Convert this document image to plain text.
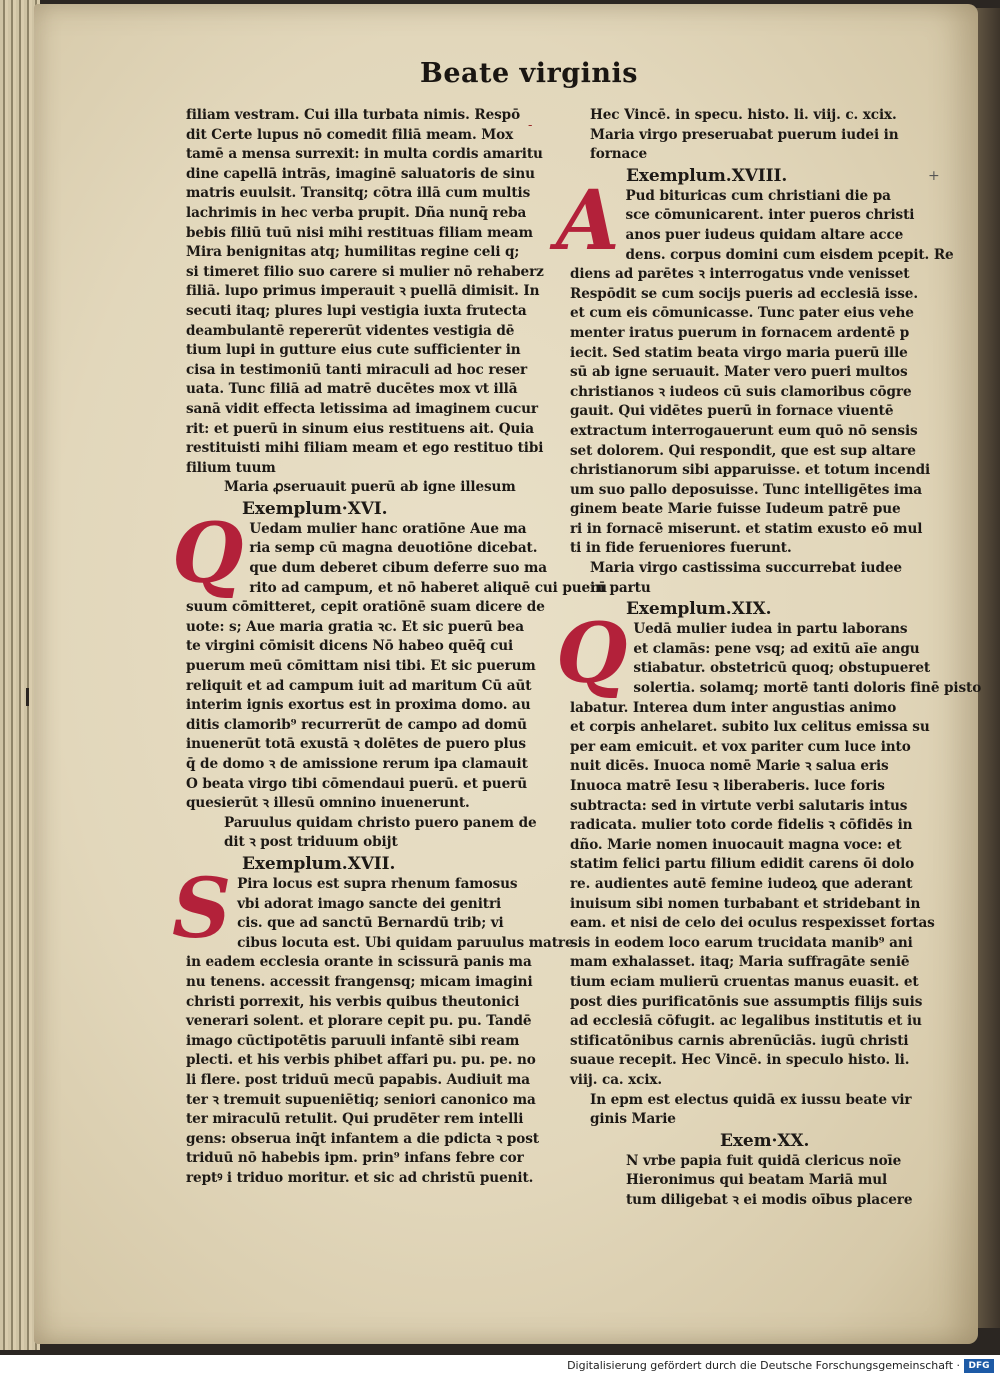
-
+
Beate virginis
filiam vestram. Cui illa turbata nimis. Respō
dit Certe lupus nō comedit filiā meam. Mox
tamē a mensa surrexit: in multa cordis amaritu
dine capellā intrās, imaginē saluatoris de sinu
matris euulsit. Transitq; cōtra illā cum multis
lachrimis in hec verba prupit. Dña nunq̄ reba
bebis filiū tuū nisi mihi restituas filiam meam
Mira benignitas atq; humilitas regine celi q;
si timeret filio suo carere si mulier nō rehaberz
filiā. lupo primus imperauit ꝛ puellā dimisit. In
secuti itaq; plures lupi vestigia iuxta frutecta
deambulantē repererūt videntes vestigia dē
tium lupi in gutture eius cute sufficienter in
cisa in testimoniū tanti miraculi ad hoc reser
uata. Tunc filiā ad matrē ducētes mox vt illā
sanā vidit effecta letissima ad imaginem cucur
rit: et puerū in sinum eius restituens ait. Quia
restituisti mihi filiam meam et ego restituo tibi
filium tuum
Maria ꝓseruauit puerū ab igne illesum
Exemplum·XVI.
Q Uedam mulier hanc oratiōne Aue ma
ria semp cū magna deuotiōne dicebat.
que dum deberet cibum deferre suo ma
rito ad campum, et nō haberet aliquē cui puerū
suum cōmitteret, cepit oratiōnē suam dicere de
uote: s; Aue maria gratia ꝛc. Et sic puerū bea
te virgini cōmisit dicens Nō habeo quēq̄ cui
puerum meū cōmittam nisi tibi. Et sic puerum
reliquit et ad campum iuit ad maritum Cū aūt
interim ignis exortus est in proxima domo. au
ditis clamorib⁹ recurrerūt de campo ad domū
inuenerūt totā exustā ꝛ dolētes de puero plus
q̄ de domo ꝛ de amissione rerum ipa clamauit
O beata virgo tibi cōmendaui puerū. et puerū
quesierūt ꝛ illesū omnino inuenerunt.
Paruulus quidam christo puero panem de
dit ꝛ post triduum obijt
Exemplum.XVII.
S Pira locus est supra rhenum famosus
vbi adorat imago sancte dei genitri
cis. que ad sanctū Bernardū trib; vi
cibus locuta est. Ubi quidam paruulus matre
in eadem ecclesia orante in scissurā panis ma
nu tenens. accessit frangensq; micam imagini
christi porrexit, his verbis quibus theutonici
venerari solent. et plorare cepit pu. pu. Tandē
imago cūctipotētis paruuli infantē sibi ream
plecti. et his verbis phibet affari pu. pu. pe. no
li flere. post triduū mecū papabis. Audiuit ma
ter ꝛ tremuit supueniētiq; seniori canonico ma
ter miraculū retulit. Qui prudēter rem intelli
gens: obserua inq̄t infantem a die pdicta ꝛ post
triduū nō habebis ipm. prin⁹ infans febre cor
reptꝰ i triduo moritur. et sic ad christū puenit.
Hec Vincē. in specu. histo. li. viij. c. xcix.
Maria virgo preseruabat puerum iudei in
fornace
Exemplum.XVIII.
A Pud bituricas cum christiani die pa
sce cōmunicarent. inter pueros christi
anos puer iudeus quidam altare acce
dens. corpus domini cum eisdem pcepit. Re
diens ad parētes ꝛ interrogatus vnde venisset
Respōdit se cum socijs pueris ad ecclesiā isse.
et cum eis cōmunicasse. Tunc pater eius vehe
menter iratus puerum in fornacem ardentē p
iecit. Sed statim beata virgo maria puerū ille
sū ab igne seruauit. Mater vero pueri multos
christianos ꝛ iudeos cū suis clamoribus cōgre
gauit. Qui vidētes puerū in fornace viuentē
extractum interrogauerunt eum quō nō sensis
set dolorem. Qui respondit, que est sup altare
christianorum sibi apparuisse. et totum incendi
um suo pallo deposuisse. Tunc intelligētes ima
ginem beate Marie fuisse Iudeum patrē pue
ri in fornacē miserunt. et statim exusto eō mul
ti in fide ferueniores fuerunt.
Maria virgo castissima succurrebat iudee
in partu
Exemplum.XIX.
Q Uedā mulier iudea in partu laborans
et clamās: pene vsq; ad exitū aīe angu
stiabatur. obstetricū quoq; obstupueret
solertia. solamq; mortē tanti doloris finē pisto
labatur. Interea dum inter angustias animo
et corpis anhelaret. subito lux celitus emissa su
per eam emicuit. et vox pariter cum luce into
nuit dicēs. Inuoca nomē Marie ꝛ salua eris
Inuoca matrē Iesu ꝛ liberaberis. luce foris
subtracta: sed in virtute verbi salutaris intus
radicata. mulier toto corde fidelis ꝛ cōfidēs in
dño. Marie nomen inuocauit magna voce: et
statim felici partu filium edidit carens ōi dolo
re. audientes autē femine iudeoꝝ que aderant
inuisum sibi nomen turbabant et stridebant in
eam. et nisi de celo dei oculus respexisset fortas
sis in eodem loco earum trucidata manib⁹ ani
mam exhalasset. itaq; Maria suffragāte seniē
tium eciam mulierū cruentas manus euasit. et
post dies purificatōnis sue assumptis filijs suis
ad ecclesiā cōfugit. ac legalibus institutis et iu
stificatōnibus carnis abrenūciās. iugū christi
suaue recepit. Hec Vincē. in speculo histo. li.
viij. ca. xcix.
In epm est electus quidā ex iussu beate vir
ginis Marie
Exem·XX.
N vrbe papia fuit quidā clericus noīe
Hieronimus qui beatam Mariā mul
tum diligebat ꝛ ei modis oībus placere
Digitalisierung gefördert durch die Deutsche Forschungsgemeinschaft · DFG
